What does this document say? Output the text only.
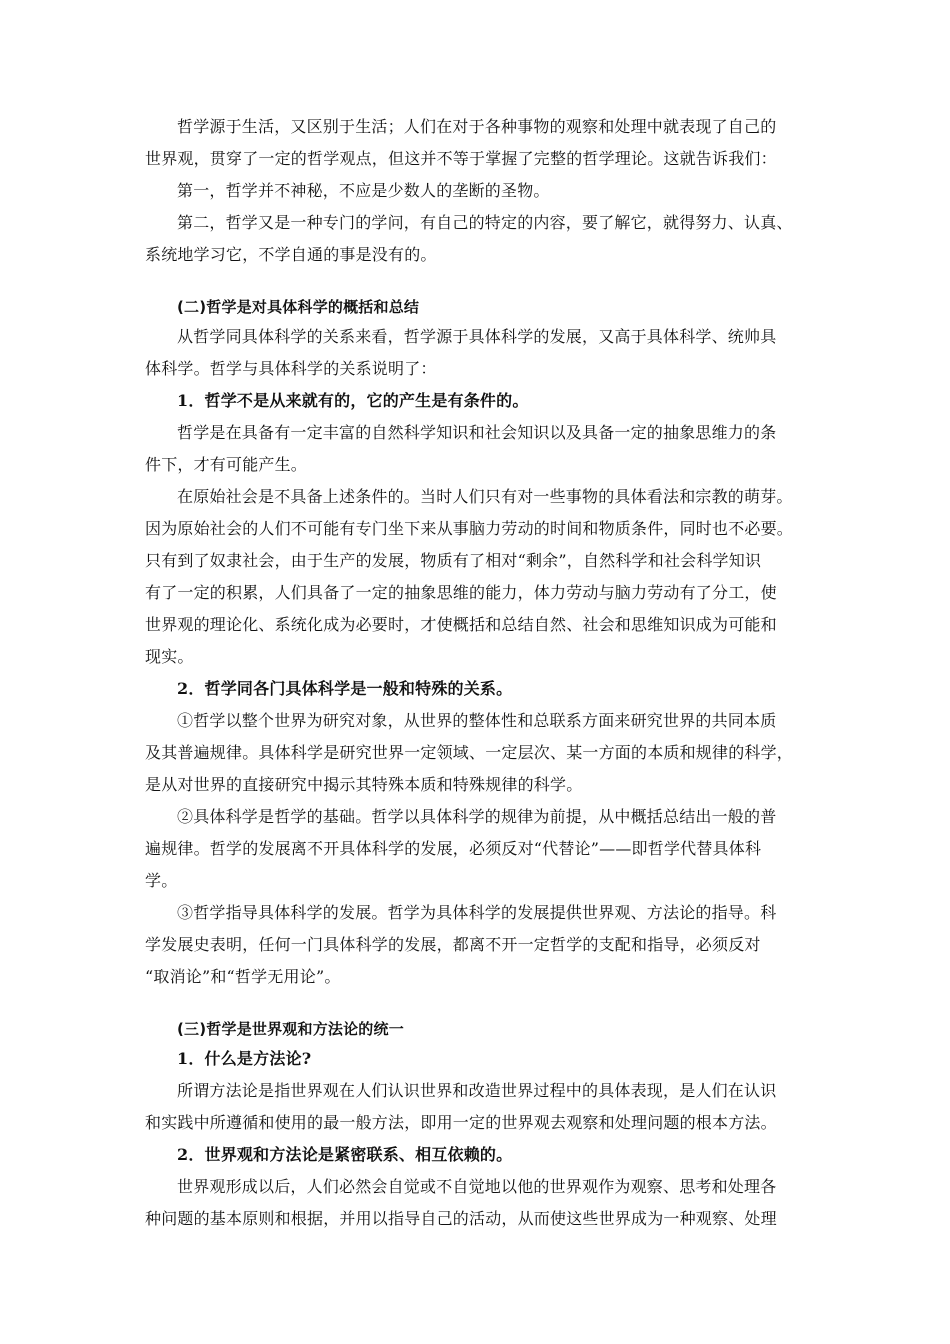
哲学源于生活，又区别于生活；人们在对于各种事物的观察和处理中就表现了自己的
世界观，贯穿了一定的哲学观点，但这并不等于掌握了完整的哲学理论。这就告诉我们：
第一，哲学并不神秘，不应是少数人的垄断的圣物。
第二，哲学又是一种专门的学问，有自己的特定的内容，要了解它，就得努力、认真、
系统地学习它，不学自通的事是没有的。
(二)哲学是对具体科学的概括和总结
从哲学同具体科学的关系来看，哲学源于具体科学的发展，又高于具体科学、统帅具
体科学。哲学与具体科学的关系说明了：
1．哲学不是从来就有的，它的产生是有条件的。
哲学是在具备有一定丰富的自然科学知识和社会知识以及具备一定的抽象思维力的条
件下，才有可能产生。
在原始社会是不具备上述条件的。当时人们只有对一些事物的具体看法和宗教的萌芽。
因为原始社会的人们不可能有专门坐下来从事脑力劳动的时间和物质条件，同时也不必要。
只有到了奴隶社会，由于生产的发展，物质有了相对“剩余”，自然科学和社会科学知识
有了一定的积累，人们具备了一定的抽象思维的能力，体力劳动与脑力劳动有了分工，使
世界观的理论化、系统化成为必要时，才使概括和总结自然、社会和思维知识成为可能和
现实。
2．哲学同各门具体科学是一般和特殊的关系。
①哲学以整个世界为研究对象，从世界的整体性和总联系方面来研究世界的共同本质
及其普遍规律。具体科学是研究世界一定领域、一定层次、某一方面的本质和规律的科学，
是从对世界的直接研究中揭示其特殊本质和特殊规律的科学。
②具体科学是哲学的基础。哲学以具体科学的规律为前提，从中概括总结出一般的普
遍规律。哲学的发展离不开具体科学的发展，必须反对“代替论”——即哲学代替具体科
学。
③哲学指导具体科学的发展。哲学为具体科学的发展提供世界观、方法论的指导。科
学发展史表明，任何一门具体科学的发展，都离不开一定哲学的支配和指导，必须反对
“取消论”和“哲学无用论”。
(三)哲学是世界观和方法论的统一
1．什么是方法论?
所谓方法论是指世界观在人们认识世界和改造世界过程中的具体表现，是人们在认识
和实践中所遵循和使用的最一般方法，即用一定的世界观去观察和处理问题的根本方法。
2．世界观和方法论是紧密联系、相互依赖的。
世界观形成以后，人们必然会自觉或不自觉地以他的世界观作为观察、思考和处理各
种问题的基本原则和根据，并用以指导自己的活动，从而使这些世界成为一种观察、处理
